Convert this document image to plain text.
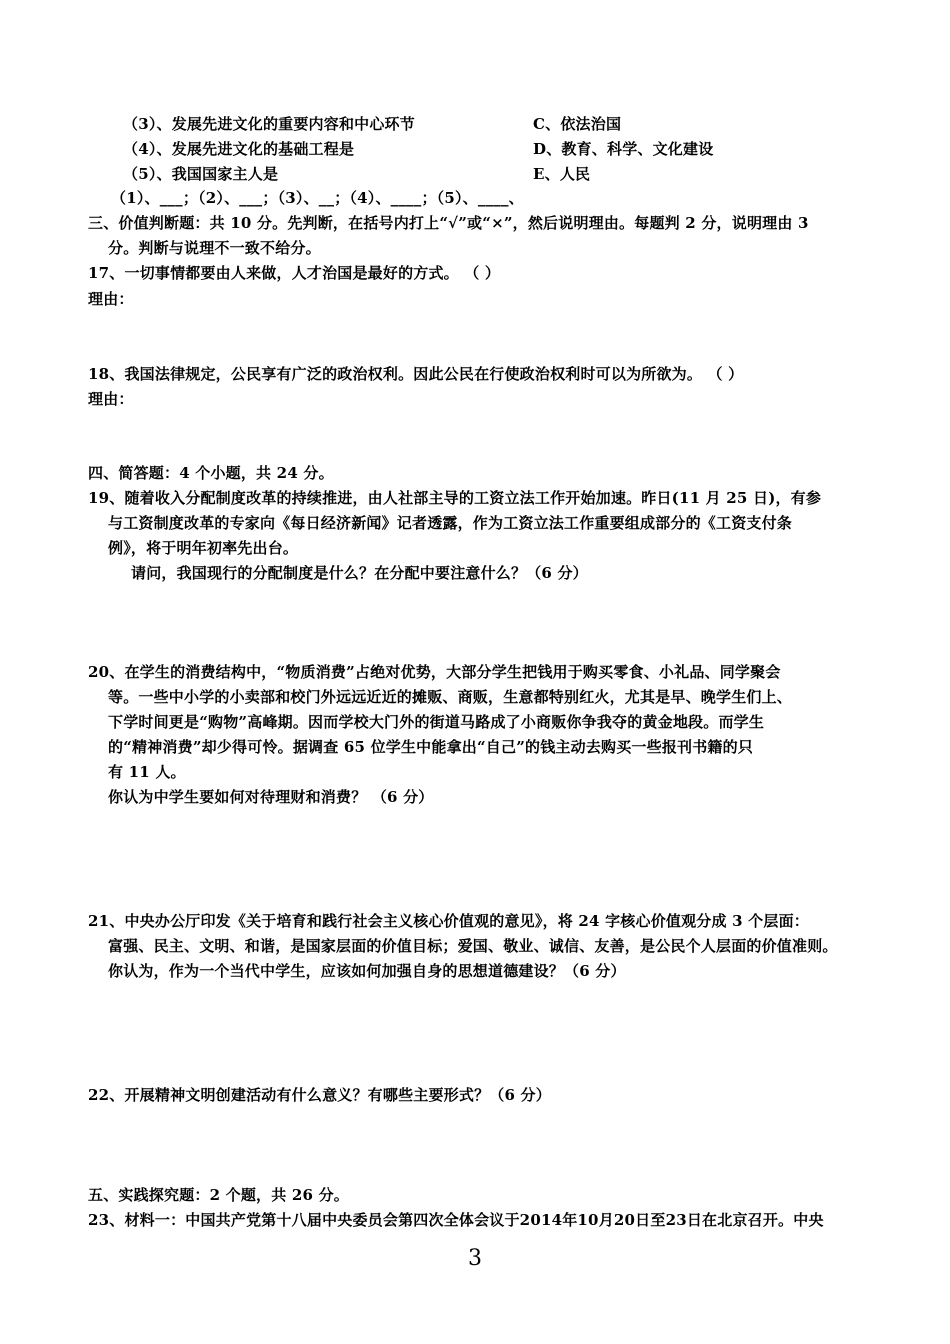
（3）、发展先进文化的重要内容和中心环节	C、依法治国
（4）、发展先进文化的基础工程是	D、教育、科学、文化建设
（5）、我国国家主人是	E、人民
（1）、___；（2）、___；（3）、__；（4）、____；（5）、____、
三、价值判断题：共 10 分。先判断，在括号内打上“√”或“×”，然后说明理由。每题判 2 分，说明理由 3
分。判断与说理不一致不给分。
17、一切事情都要由人来做，人才治国是最好的方式。 （ ）
理由：
18、我国法律规定，公民享有广泛的政治权利。因此公民在行使政治权利时可以为所欲为。 （ ）
理由：
四、简答题：4 个小题，共 24 分。
19、随着收入分配制度改革的持续推进，由人社部主导的工资立法工作开始加速。昨日(11 月 25 日)，有参
与工资制度改革的专家向《每日经济新闻》记者透露，作为工资立法工作重要组成部分的《工资支付条
例》，将于明年初率先出台。
请问，我国现行的分配制度是什么？在分配中要注意什么？（6 分）
20、在学生的消费结构中，“物质消费”占绝对优势，大部分学生把钱用于购买零食、小礼品、同学聚会
等。一些中小学的小卖部和校门外远远近近的摊贩、商贩，生意都特别红火，尤其是早、晚学生们上、
下学时间更是“购物”高峰期。因而学校大门外的街道马路成了小商贩你争我夺的黄金地段。而学生
的“精神消费”却少得可怜。据调查 65 位学生中能拿出“自己”的钱主动去购买一些报刊书籍的只
有 11 人。
你认为中学生要如何对待理财和消费？ （6 分）
21、中央办公厅印发《关于培育和践行社会主义核心价值观的意见》，将 24 字核心价值观分成 3 个层面：
富强、民主、文明、和谐，是国家层面的价值目标；爱国、敬业、诚信、友善，是公民个人层面的价值准则。
你认为，作为一个当代中学生，应该如何加强自身的思想道德建设？（6 分）
22、开展精神文明创建活动有什么意义？有哪些主要形式？（6 分）
五、实践探究题：2 个题，共 26 分。
23、材料一：中国共产党第十八届中央委员会第四次全体会议于2014年10月20日至23日在北京召开。中央
3
